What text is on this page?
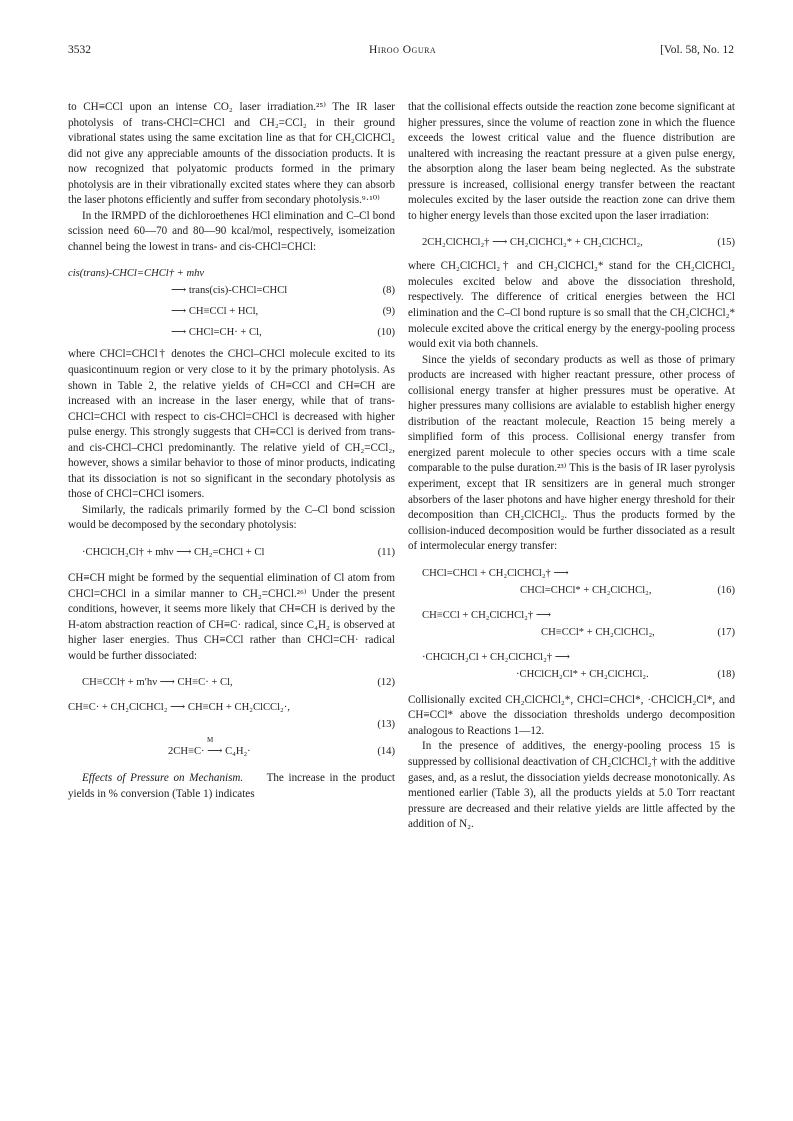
3532	Hiroo Ogura	[Vol. 58, No. 12

to CH≡CCl upon an intense CO₂ laser irradiation.²⁵⁾ The IR laser photolysis of trans-CHCl=CHCl and CH₂=CCl₂ in their ground vibrational states using the same excitation line as that for CH₂ClCHCl₂ did not give any appreciable amounts of the dissociation products. It is now recognized that polyatomic products formed in the primary photolysis are in their vibrationally excited states where they can absorb the laser photons efficiently and suffer from secondary photolysis.⁹·¹⁰⁾

In the IRMPD of the dichloroethenes HCl elimination and C–Cl bond scission need 60—70 and 80—90 kcal/mol, respectively, isomeization channel being the lowest in trans- and cis-CHCl=CHCl:

cis(trans)-CHCl=CHCl† + mhν
⟶ trans(cis)-CHCl=CHCl	(8)
⟶ CH≡CCl + HCl,	(9)
⟶ CHCl=CH· + Cl,	(10)

where CHCl=CHCl† denotes the CHCl–CHCl molecule excited to its quasicontinuum region or very close to it by the primary photolysis. As shown in Table 2, the relative yields of CH≡CCl and CH≡CH are increased with an increase in the laser energy, while that of trans-CHCl=CHCl with respect to cis-CHCl=CHCl is decreased with higher pulse energy. This strongly suggests that CH≡CCl is derived from trans- and cis-CHCl–CHCl predominantly. The relative yield of CH₂=CCl₂, however, shows a similar behavior to those of minor products, indicating that its dissociation is not so significant in the secondary photolysis as those of CHCl=CHCl isomers.

Similarly, the radicals primarily formed by the C–Cl bond scission would be decomposed by the secondary photolysis:

·CHClCH₂Cl† + mhν ⟶ CH₂=CHCl + Cl	(11)

CH≡CH might be formed by the sequential elimination of Cl atom from CHCl=CHCl in a similar manner to CH₂=CHCl.²⁶⁾ Under the present conditions, however, it seems more likely that CH≡CH is derived by the H-atom abstraction reaction of CH≡C· radical, since C₄H₂ is observed at higher laser energies. Thus CH≡CCl rather than CHCl=CH· radical would be further dissociated:

CH≡CCl† + m′hν ⟶ CH≡C· + Cl,	(12)
CH≡C· + CH₂ClCHCl₂ ⟶ CH≡CH + CH₂ClCCl₂·,
(13)
M
2CH≡C· ⟶ C₄H₂·	(14)

Effects of Pressure on Mechanism. The increase in the product yields in % conversion (Table 1) indicates

that the collisional effects outside the reaction zone become significant at higher pressures, since the volume of reaction zone in which the fluence exceeds the lowest critical value and the fluence distribution are unaltered with increasing the reactant pressure at a given pulse energy, the absorption along the laser beam being neglected. As the substrate pressure is increased, collisional energy transfer between the reactant molecules excited by the laser outside the reaction zone can drive them to higher energy levels than those excited upon the laser irradiation:

2CH₂ClCHCl₂† ⟶ CH₂ClCHCl₂* + CH₂ClCHCl₂,	(15)

where CH₂ClCHCl₂† and CH₂ClCHCl₂* stand for the CH₂ClCHCl₂ molecules excited below and above the dissociation threshold, respectively. The difference of critical energies between the HCl elimination and the C–Cl bond rupture is so small that the CH₂ClCHCl₂* molecule excited above the critical energy by the energy-pooling process would exit via both channels.

Since the yields of secondary products as well as those of primary products are increased with higher reactant pressure, other process of collisional energy transfer at higher pressures must be operative. At higher pressures many collisions are avialable to establish higher energy distribution of the reactant molecule, Reaction 15 being merely a simplified form of this process. Collisional energy transfer from energized parent molecule to other species occurs with a time scale comparable to the pulse duration.²³⁾ This is the basis of IR laser pyrolysis experiment, except that IR sensitizers are in general much stronger absorbers of the laser photons and have higher energy threshold for their decomposition than CH₂ClCHCl₂. Thus the products formed by the collision-induced decomposition would be further dissociated as a result of intermolecular energy transfer:

CHCl=CHCl + CH₂ClCHCl₂† ⟶
CHCl=CHCl* + CH₂ClCHCl₂,	(16)
CH≡CCl + CH₂ClCHCl₂† ⟶
CH≡CCl* + CH₂ClCHCl₂,	(17)
·CHClCH₂Cl + CH₂ClCHCl₂† ⟶
·CHClCH₂Cl* + CH₂ClCHCl₂.	(18)

Collisionally excited CH₂ClCHCl₂*, CHCl=CHCl*, ·CHClCH₂Cl*, and CH≡CCl* above the dissociation thresholds undergo decomposition analogous to Reactions 1—12.

In the presence of additives, the energy-pooling process 15 is suppressed by collisional deactivation of CH₂ClCHCl₂† with the additive gases, and, as a reslut, the dissociation yields decrease monotonically. As mentioned earlier (Table 3), all the products yields at 5.0 Torr reactant pressure are decreased and their relative yields are little affected by the addition of N₂.
